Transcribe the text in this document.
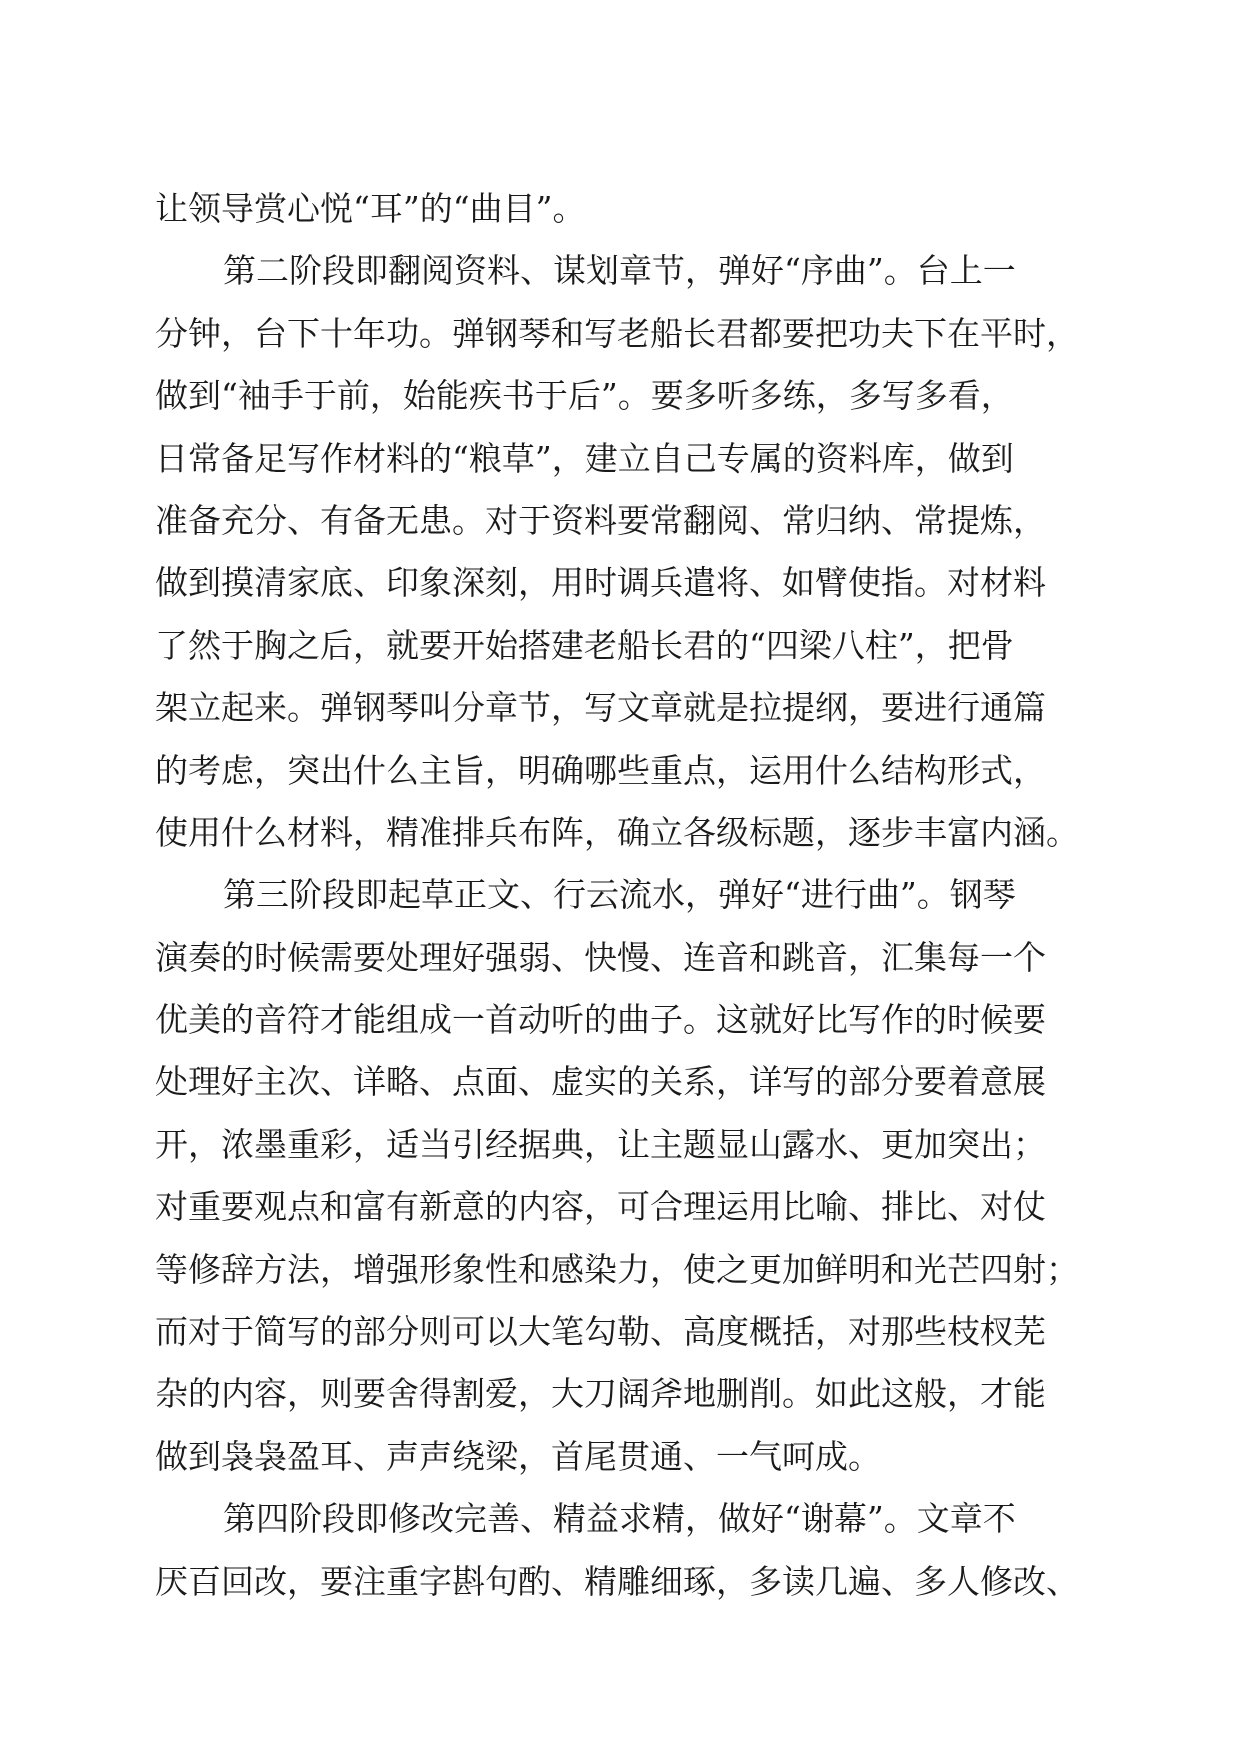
让领导赏心悦“耳”的“曲目”。
第二阶段即翻阅资料、谋划章节，弹好“序曲”。台上一
分钟，台下十年功。弹钢琴和写老船长君都要把功夫下在平时，
做到“袖手于前，始能疾书于后”。要多听多练，多写多看，
日常备足写作材料的“粮草”，建立自己专属的资料库，做到
准备充分、有备无患。对于资料要常翻阅、常归纳、常提炼，
做到摸清家底、印象深刻，用时调兵遣将、如臂使指。对材料
了然于胸之后，就要开始搭建老船长君的“四梁八柱”，把骨
架立起来。弹钢琴叫分章节，写文章就是拉提纲，要进行通篇
的考虑，突出什么主旨，明确哪些重点，运用什么结构形式，
使用什么材料，精准排兵布阵，确立各级标题，逐步丰富内涵。
第三阶段即起草正文、行云流水，弹好“进行曲”。钢琴
演奏的时候需要处理好强弱、快慢、连音和跳音，汇集每一个
优美的音符才能组成一首动听的曲子。这就好比写作的时候要
处理好主次、详略、点面、虚实的关系，详写的部分要着意展
开，浓墨重彩，适当引经据典，让主题显山露水、更加突出；
对重要观点和富有新意的内容，可合理运用比喻、排比、对仗
等修辞方法，增强形象性和感染力，使之更加鲜明和光芒四射；
而对于简写的部分则可以大笔勾勒、高度概括，对那些枝杈芜
杂的内容，则要舍得割爱，大刀阔斧地删削。如此这般，才能
做到袅袅盈耳、声声绕梁，首尾贯通、一气呵成。
第四阶段即修改完善、精益求精，做好“谢幕”。文章不
厌百回改，要注重字斟句酌、精雕细琢，多读几遍、多人修改、
